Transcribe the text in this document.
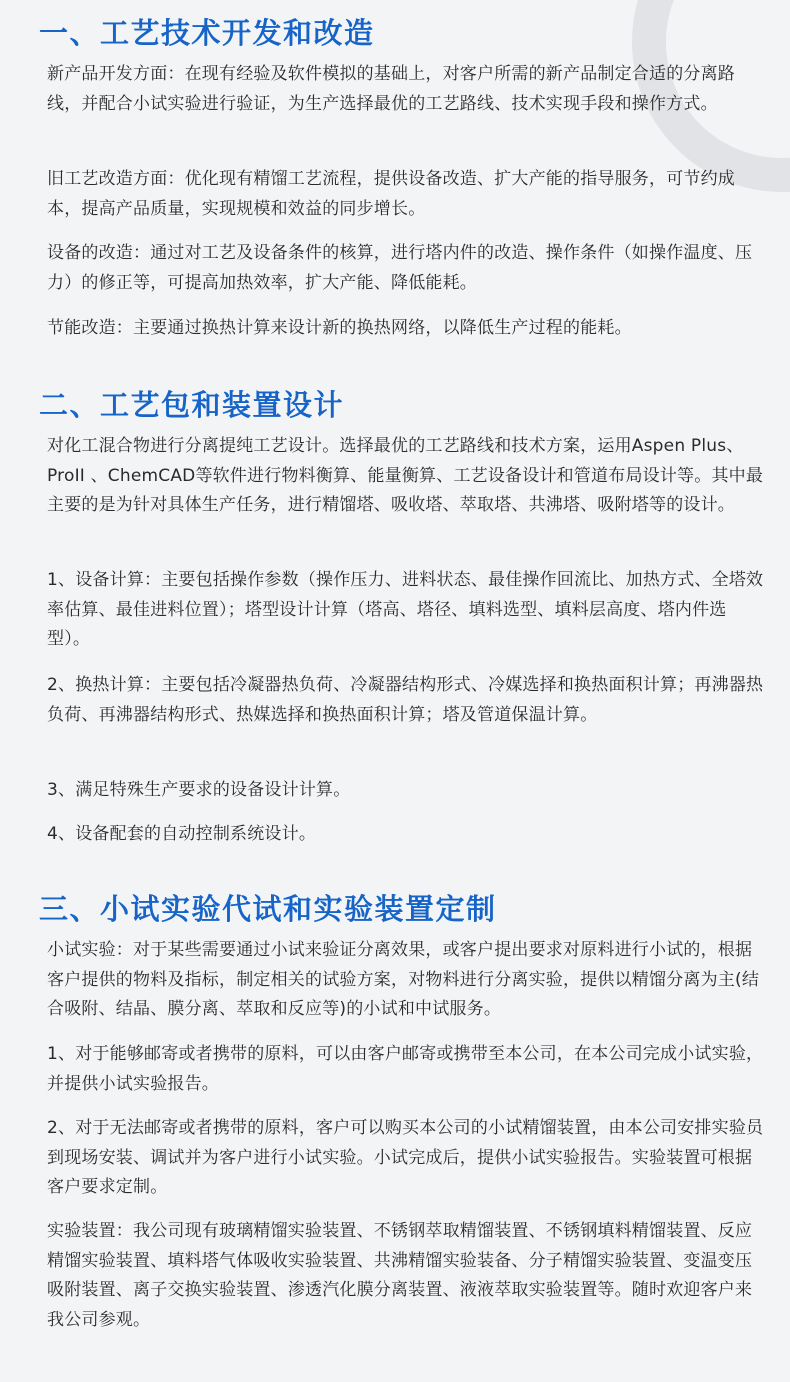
一、工艺技术开发和改造

新产品开发方面：在现有经验及软件模拟的基础上，对客户所需的新产品制定合适的分离路线，并配合小试实验进行验证，为生产选择最优的工艺路线、技术实现手段和操作方式。

旧工艺改造方面：优化现有精馏工艺流程，提供设备改造、扩大产能的指导服务，可节约成本，提高产品质量，实现规模和效益的同步增长。

设备的改造：通过对工艺及设备条件的核算，进行塔内件的改造、操作条件（如操作温度、压力）的修正等，可提高加热效率，扩大产能、降低能耗。

节能改造：主要通过换热计算来设计新的换热网络，以降低生产过程的能耗。

二、工艺包和装置设计

对化工混合物进行分离提纯工艺设计。选择最优的工艺路线和技术方案，运用Aspen Plus、ProII 、ChemCAD等软件进行物料衡算、能量衡算、工艺设备设计和管道布局设计等。其中最主要的是为针对具体生产任务，进行精馏塔、吸收塔、萃取塔、共沸塔、吸附塔等的设计。

1、设备计算：主要包括操作参数（操作压力、进料状态、最佳操作回流比、加热方式、全塔效率估算、最佳进料位置）；塔型设计计算（塔高、塔径、填料选型、填料层高度、塔内件选型）。

2、换热计算：主要包括冷凝器热负荷、冷凝器结构形式、冷媒选择和换热面积计算；再沸器热负荷、再沸器结构形式、热媒选择和换热面积计算；塔及管道保温计算。

3、满足特殊生产要求的设备设计计算。

4、设备配套的自动控制系统设计。

三、小试实验代试和实验装置定制

小试实验：对于某些需要通过小试来验证分离效果，或客户提出要求对原料进行小试的，根据客户提供的物料及指标，制定相关的试验方案，对物料进行分离实验，提供以精馏分离为主(结合吸附、结晶、膜分离、萃取和反应等)的小试和中试服务。

1、对于能够邮寄或者携带的原料，可以由客户邮寄或携带至本公司，在本公司完成小试实验，并提供小试实验报告。

2、对于无法邮寄或者携带的原料，客户可以购买本公司的小试精馏装置，由本公司安排实验员到现场安装、调试并为客户进行小试实验。小试完成后，提供小试实验报告。实验装置可根据客户要求定制。

实验装置：我公司现有玻璃精馏实验装置、不锈钢萃取精馏装置、不锈钢填料精馏装置、反应精馏实验装置、填料塔气体吸收实验装置、共沸精馏实验装备、分子精馏实验装置、变温变压吸附装置、离子交换实验装置、渗透汽化膜分离装置、液液萃取实验装置等。随时欢迎客户来我公司参观。
